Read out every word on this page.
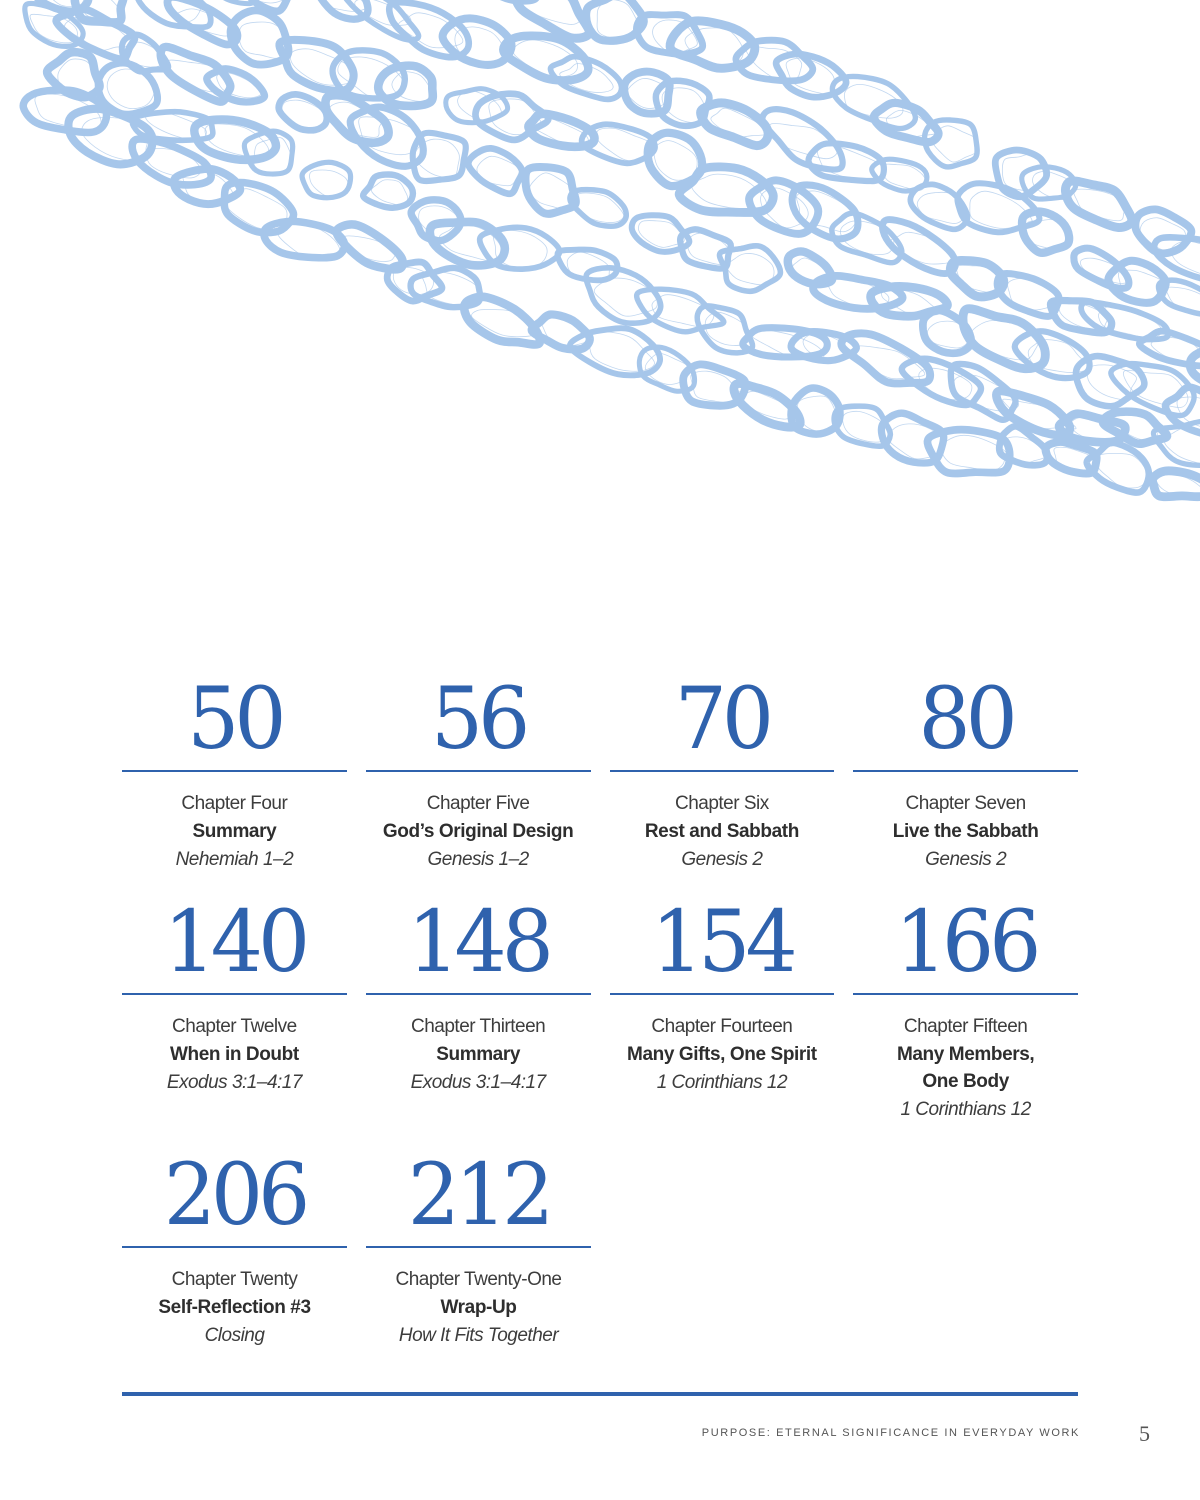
50
Chapter Four
Summary
Nehemiah 1–2
56
Chapter Five
God’s Original Design
Genesis 1–2
70
Chapter Six
Rest and Sabbath
Genesis 2
80
Chapter Seven
Live the Sabbath
Genesis 2
140
Chapter Twelve
When in Doubt
Exodus 3:1–4:17
148
Chapter Thirteen
Summary
Exodus 3:1–4:17
154
Chapter Fourteen
Many Gifts, One Spirit
1 Corinthians 12
166
Chapter Fifteen
Many Members,
One Body
1 Corinthians 12
206
Chapter Twenty
Self-Reflection #3
Closing
212
Chapter Twenty-One
Wrap-Up
How It Fits Together
PURPOSE: ETERNAL SIGNIFICANCE IN EVERYDAY WORK	5
